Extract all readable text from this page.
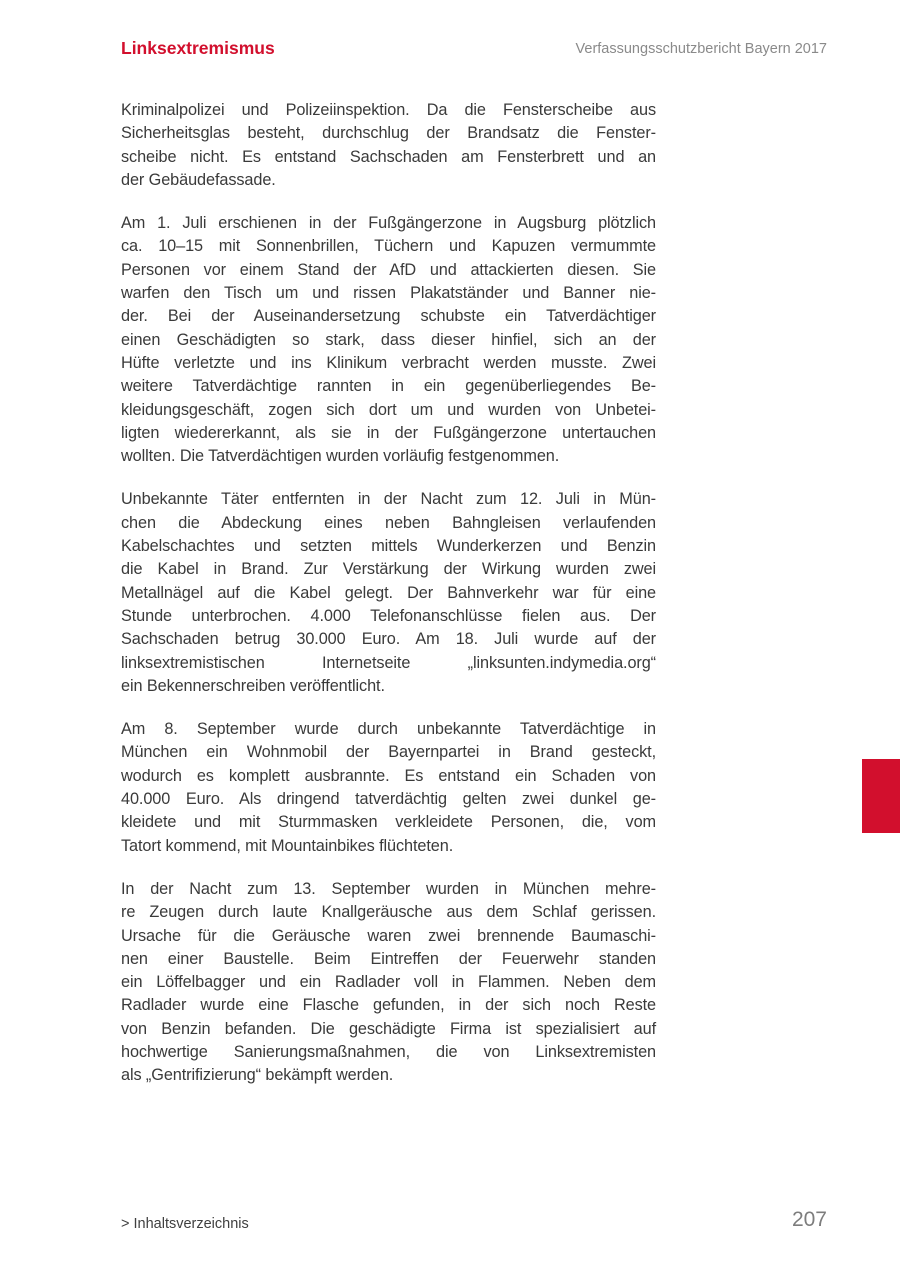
Linksextremismus	Verfassungsschutzbericht Bayern 2017
Kriminalpolizei und Polizeiinspektion. Da die Fensterscheibe aus
Sicherheitsglas besteht, durchschlug der Brandsatz die Fenster-
scheibe nicht. Es entstand Sachschaden am Fensterbrett und an
der Gebäudefassade.
Am 1. Juli erschienen in der Fußgängerzone in Augsburg plötzlich
ca. 10–15 mit Sonnenbrillen, Tüchern und Kapuzen vermummte
Personen vor einem Stand der AfD und attackierten diesen. Sie
warfen den Tisch um und rissen Plakatständer und Banner nie-
der. Bei der Auseinandersetzung schubste ein Tatverdächtiger
einen Geschädigten so stark, dass dieser hinfiel, sich an der
Hüfte verletzte und ins Klinikum verbracht werden musste. Zwei
weitere Tatverdächtige rannten in ein gegenüberliegendes Be-
kleidungsgeschäft, zogen sich dort um und wurden von Unbetei-
ligten wiedererkannt, als sie in der Fußgängerzone untertauchen
wollten. Die Tatverdächtigen wurden vorläufig festgenommen.
Unbekannte Täter entfernten in der Nacht zum 12. Juli in Mün-
chen die Abdeckung eines neben Bahngleisen verlaufenden
Kabelschachtes und setzten mittels Wunderkerzen und Benzin
die Kabel in Brand. Zur Verstärkung der Wirkung wurden zwei
Metallnägel auf die Kabel gelegt. Der Bahnverkehr war für eine
Stunde unterbrochen. 4.000 Telefonanschlüsse fielen aus. Der
Sachschaden betrug 30.000 Euro. Am 18. Juli wurde auf der
linksextremistischen Internetseite „linksunten.indymedia.org“
ein Bekennerschreiben veröffentlicht.
Am 8. September wurde durch unbekannte Tatverdächtige in
München ein Wohnmobil der Bayernpartei in Brand gesteckt,
wodurch es komplett ausbrannte. Es entstand ein Schaden von
40.000 Euro. Als dringend tatverdächtig gelten zwei dunkel ge-
kleidete und mit Sturmmasken verkleidete Personen, die, vom
Tatort kommend, mit Mountainbikes flüchteten.
In der Nacht zum 13. September wurden in München mehre-
re Zeugen durch laute Knallgeräusche aus dem Schlaf gerissen.
Ursache für die Geräusche waren zwei brennende Baumaschi-
nen einer Baustelle. Beim Eintreffen der Feuerwehr standen
ein Löffelbagger und ein Radlader voll in Flammen. Neben dem
Radlader wurde eine Flasche gefunden, in der sich noch Reste
von Benzin befanden. Die geschädigte Firma ist spezialisiert auf
hochwertige Sanierungsmaßnahmen, die von Linksextremisten
als „Gentrifizierung“ bekämpft werden.
> Inhaltsverzeichnis	207
